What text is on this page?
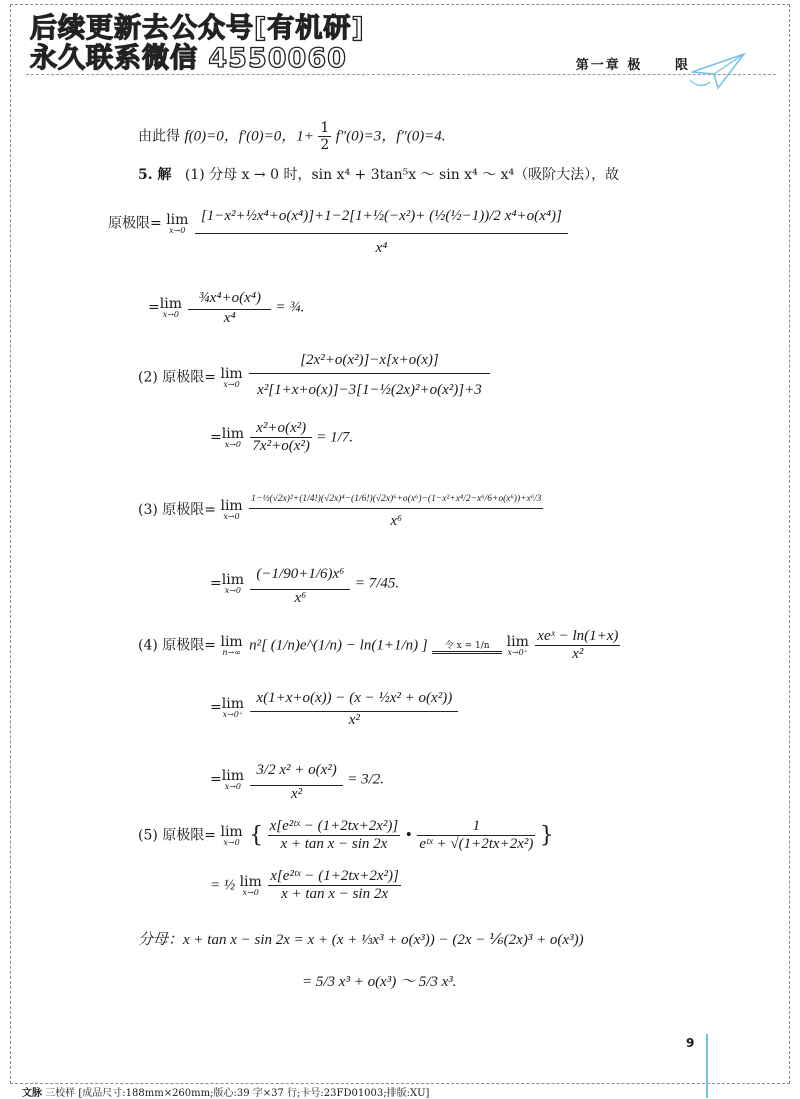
后续更新去公众号[有机研]
永久联系微信 4550060	第一章 极	限
由此得 f(0)=0，f′(0)=0，$1+ \frac{1}{2} f''(0)=3$，f″(0)=4.
5. 解 (1) 分母 x → 0 时，sin x⁴ + 3tan⁵x ～ sin x⁴ ～ x⁴（吸阶大法），故
原极限= lim
x→0
$\frac{\text{[1−x²+½x⁴+o(x⁴)]+1−2[1+½(−x²)+ (½(½−1))/2 x⁴+o(x⁴)]}}{\text{x⁴}}$
=lim
x→0
$\frac{\text{¾x⁴+o(x⁴)}}{\text{x⁴}}$ = ¾.
(2) 原极限= lim
x→0
$\frac{\text{[2x²+o(x²)]−x[x+o(x)]}}{\text{x²[1+x+o(x)]−3[1−½(2x)²+o(x²)]+3}}$
=lim
x→0
$\frac{\text{x²+o(x²)}}{\text{7x²+o(x²)}} = 1/7$.
(3) 原极限= lim
x→0

1−½(√2x)²+(1/4!)(√2x)⁴−(1/6!)(√2x)⁶+o(x⁶)−(1−x²+x⁴/2−x⁶/6+o(x⁶))+x⁶/3
x⁶
=lim
x→0
$\frac{\text{(−1/90+1/6)x⁶}}{\text{x⁶}} = 7/45$.
(4) 原极限= lim
n→∞ n²[ (1/n)e^(1/n) − ln(1+1/n) ]	令 x = 1/n	lim
x→0⁺
$\frac{\text{xeˣ − ln(1+x)}}{\text{x²}}$
=lim
x→0⁺
$\frac{\text{x(1+x+o(x)) − (x − ½x² + o(x²))}}{\text{x²}}$
=lim
x→0
$\frac{\text{3/2 x² + o(x²)}}{\text{x²}} = 3/2$.
(5) 原极限= lim
x→0 { $\frac{\text{x[e²ᵗˣ − (1+2tx+2x²)]}}{\text{x + tan x − sin 2x}}$ • $\frac{1}{\text{eᵗˣ + √(1+2tx+2x²)}}$ }
= ½ lim
x→0
$\frac{\text{x[e²ᵗˣ − (1+2tx+2x²)]}}{\text{x + tan x − sin 2x}}$
分母：x + tan x − sin 2x = x + (x + ⅓x³ + o(x³)) − (2x − ⅙(2x)³ + o(x³))
= 5/3 x³ + o(x³) ～ 5/3 x³.
9
文脉 三校样 [成品尺寸:188mm×260mm;版心:39 字×37 行;卡号:23FD01003;排版:XU]
